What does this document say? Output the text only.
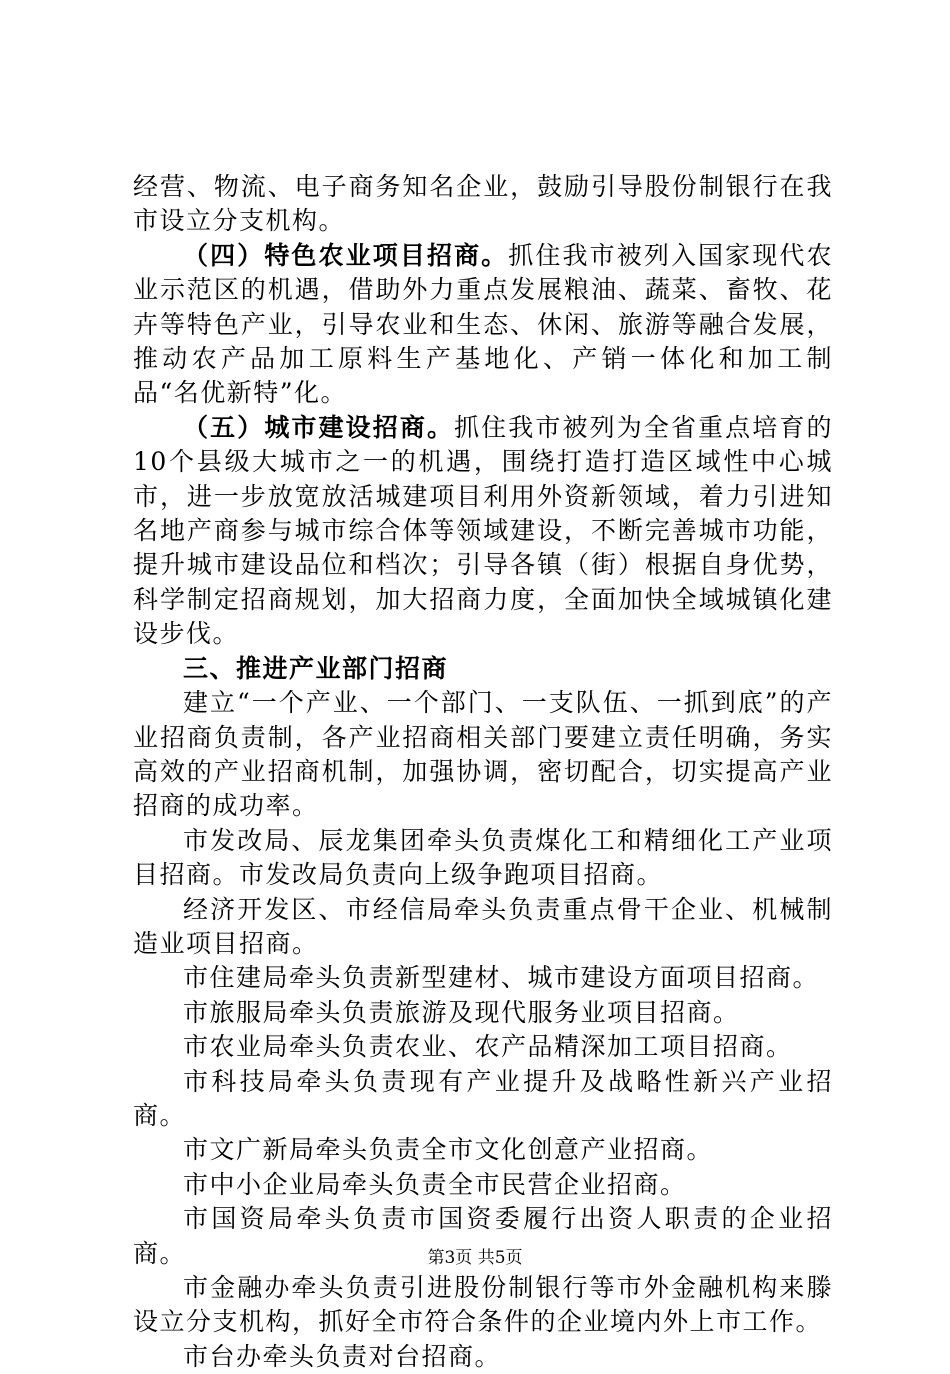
经营、物流、电子商务知名企业，鼓励引导股份制银行在我市设立分支机构。

（四）特色农业项目招商。抓住我市被列入国家现代农业示范区的机遇，借助外力重点发展粮油、蔬菜、畜牧、花卉等特色产业，引导农业和生态、休闲、旅游等融合发展，推动农产品加工原料生产基地化、产销一体化和加工制品“名优新特”化。

（五）城市建设招商。抓住我市被列为全省重点培育的10个县级大城市之一的机遇，围绕打造打造区域性中心城市，进一步放宽放活城建项目利用外资新领域，着力引进知名地产商参与城市综合体等领域建设，不断完善城市功能，提升城市建设品位和档次；引导各镇（街）根据自身优势，科学制定招商规划，加大招商力度，全面加快全域城镇化建设步伐。

三、推进产业部门招商

建立“一个产业、一个部门、一支队伍、一抓到底”的产业招商负责制，各产业招商相关部门要建立责任明确，务实高效的产业招商机制，加强协调，密切配合，切实提高产业招商的成功率。

市发改局、辰龙集团牵头负责煤化工和精细化工产业项目招商。市发改局负责向上级争跑项目招商。

经济开发区、市经信局牵头负责重点骨干企业、机械制造业项目招商。

市住建局牵头负责新型建材、城市建设方面项目招商。

市旅服局牵头负责旅游及现代服务业项目招商。

市农业局牵头负责农业、农产品精深加工项目招商。

市科技局牵头负责现有产业提升及战略性新兴产业招商。

市文广新局牵头负责全市文化创意产业招商。

市中小企业局牵头负责全市民营企业招商。

市国资局牵头负责市国资委履行出资人职责的企业招商。

市金融办牵头负责引进股份制银行等市外金融机构来滕设立分支机构，抓好全市符合条件的企业境内外上市工作。

市台办牵头负责对台招商。

第3页 共5页
